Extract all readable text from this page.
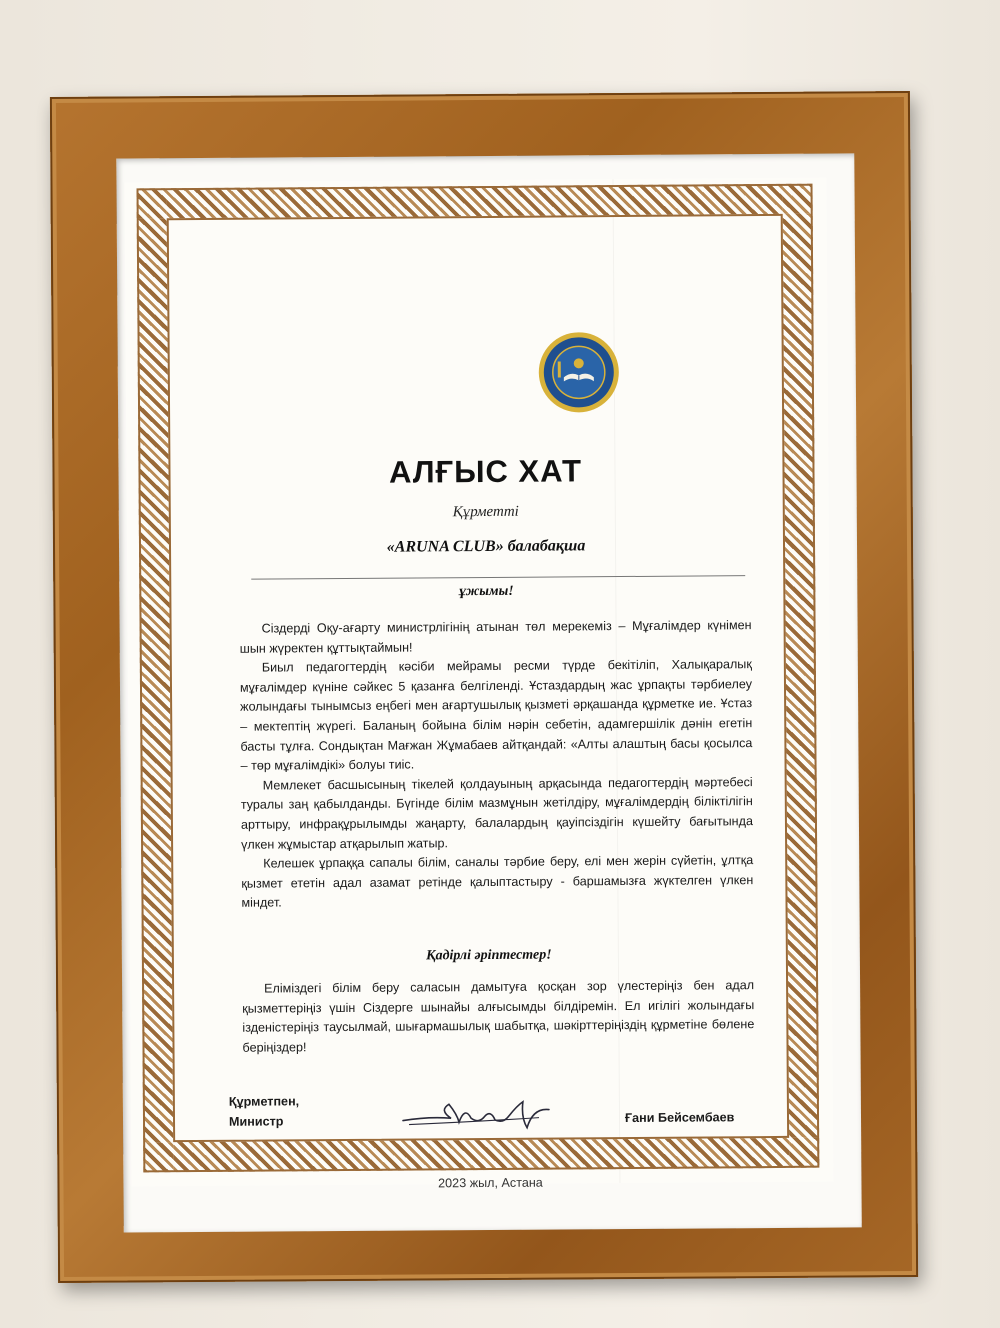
АЛҒЫС ХАТ
Құрметті
«ARUNA CLUB» балабақша
ұжымы!

Сіздерді Оқу-ағарту министрлігінің атынан төл мерекеміз – Мұғалімдер күнімен шын жүректен құттықтаймын!

Биыл педагогтердің кәсіби мейрамы ресми түрде бекітіліп, Халықаралық мұғалімдер күніне сәйкес 5 қазанға белгіленді. Ұстаздардың жас ұрпақты тәрбиелеу жолындағы тынымсыз еңбегі мен ағартушылық қызметі әрқашанда құрметке ие. Ұстаз – мектептің жүрегі. Баланың бойына білім нәрін себетін, адамгершілік дәнін егетін басты тұлға. Сондықтан Мағжан Жұмабаев айтқандай: «Алты алаштың басы қосылса – төр мұғалімдікі» болуы тиіс.

Мемлекет басшысының тікелей қолдауының арқасында педагогтердің мәртебесі туралы заң қабылданды. Бүгінде білім мазмұнын жетілдіру, мұғалімдердің біліктілігін арттыру, инфрақұрылымды жаңарту, балалардың қауіпсіздігін күшейту бағытында үлкен жұмыстар атқарылып жатыр.

Келешек ұрпаққа сапалы білім, саналы тәрбие беру, елі мен жерін сүйетін, ұлтқа қызмет ететін адал азамат ретінде қалыптастыру - баршамызға жүктелген үлкен міндет.

Қадірлі әріптестер!

Еліміздегі білім беру саласын дамытуға қосқан зор үлестеріңіз бен адал қызметтеріңіз үшін Сіздерге шынайы алғысымды білдіремін. Ел игілігі жолындағы ізденістеріңіз таусылмай, шығармашылық шабытқа, шәкірттеріңіздің құрметіне бөлене беріңіздер!

Құрметпен,
Министр	Ғани Бейсембаев
2023 жыл, Астана
